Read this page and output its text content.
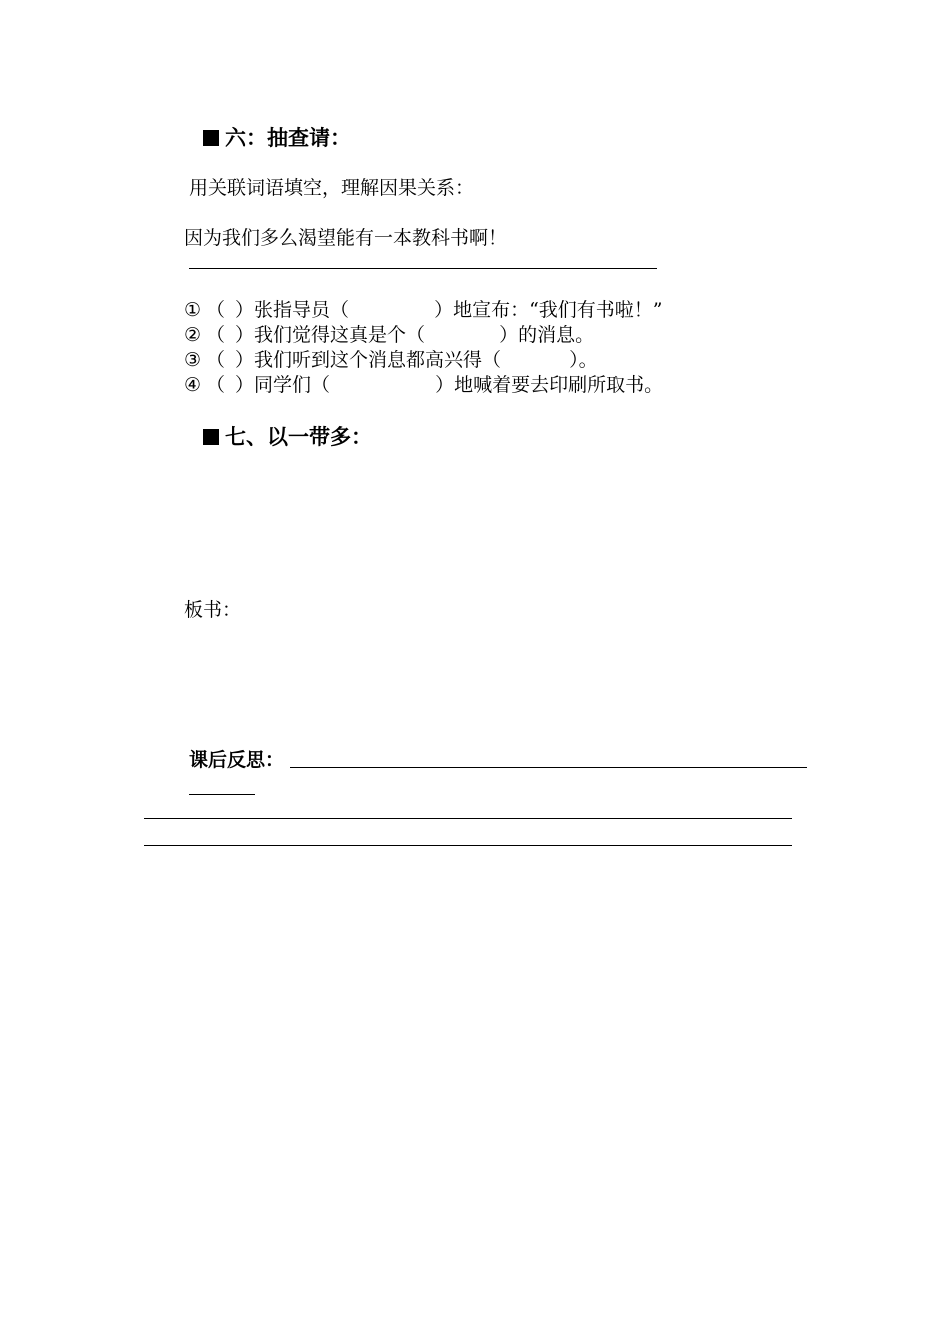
六：抽查请：
用关联词语填空，理解因果关系：
因为我们多么渴望能有一本教科书啊！
① （ ）张指导员（	）地宣布：“我们有书啦！”
② （ ）我们觉得这真是个（	）的消息。
③ （ ）我们听到这个消息都高兴得（	）。
④ （ ）同学们（	）地喊着要去印刷所取书。
七、以一带多：
板书：
课后反思：
